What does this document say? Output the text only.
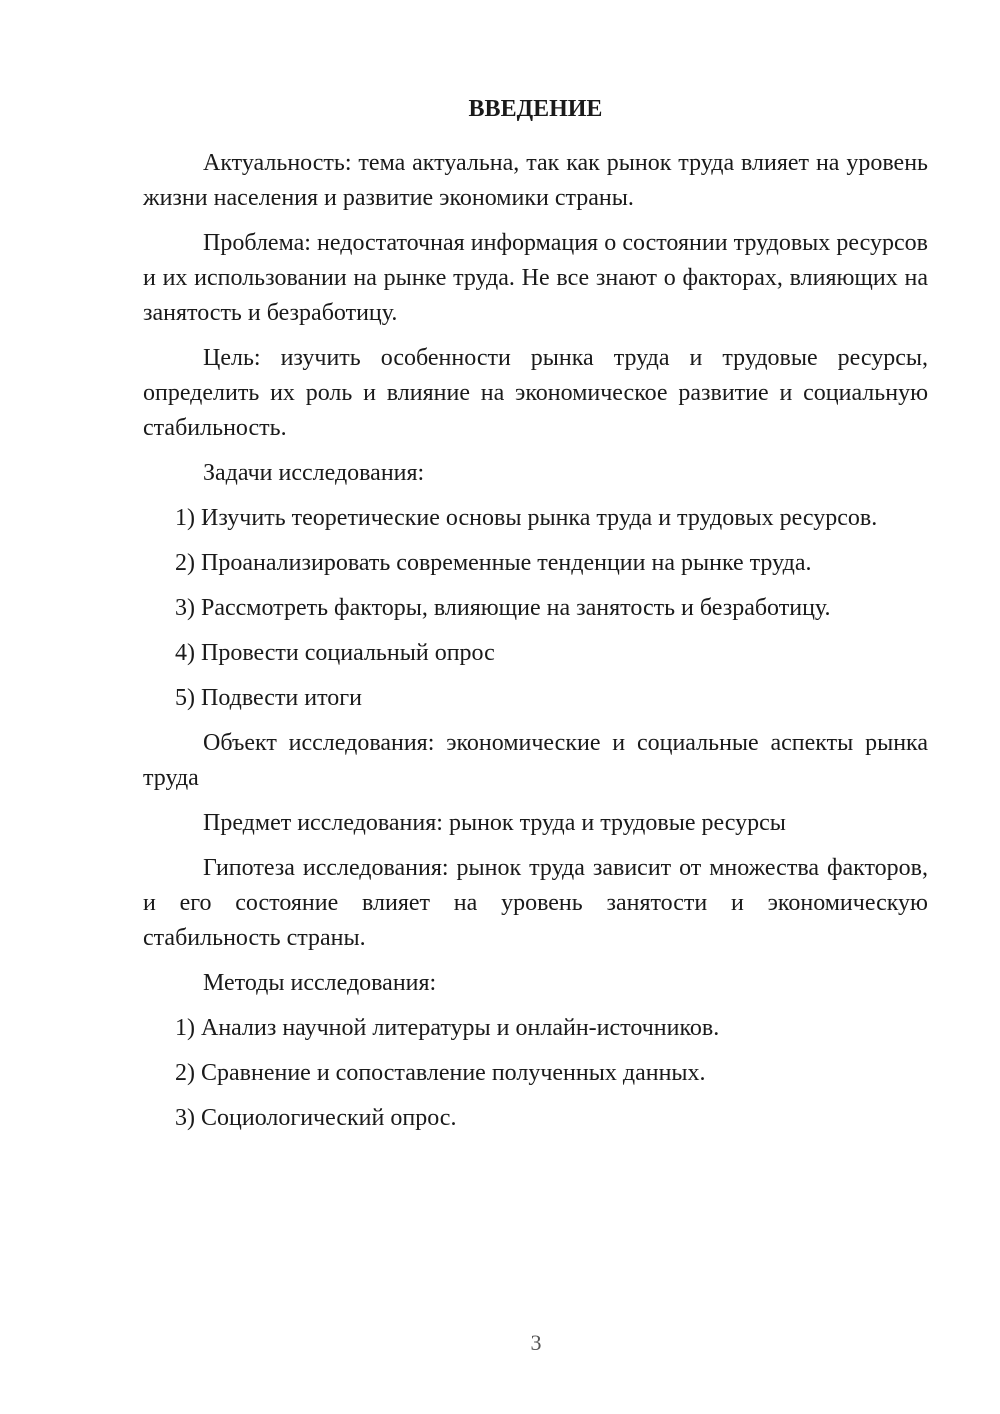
ВВЕДЕНИЕ

Актуальность: тема актуальна, так как рынок труда влияет на уровень жизни населения и развитие экономики страны.

Проблема: недостаточная информация о состоянии трудовых ресурсов и их использовании на рынке труда. Не все знают о факторах, влияющих на занятость и безработицу.

Цель: изучить особенности рынка труда и трудовые ресурсы, определить их роль и влияние на экономическое развитие и социальную стабильность.

Задачи исследования:

1) Изучить теоретические основы рынка труда и трудовых ресурсов.
2) Проанализировать современные тенденции на рынке труда.
3) Рассмотреть факторы, влияющие на занятость и безработицу.
4) Провести социальный опрос
5) Подвести итоги

Объект исследования: экономические и социальные аспекты рынка труда

Предмет исследования: рынок труда и трудовые ресурсы

Гипотеза исследования: рынок труда зависит от множества факторов, и его состояние влияет на уровень занятости и экономическую стабильность страны.

Методы исследования:

1) Анализ научной литературы и онлайн-источников.
2) Сравнение и сопоставление полученных данных.
3) Социологический опрос.
3
